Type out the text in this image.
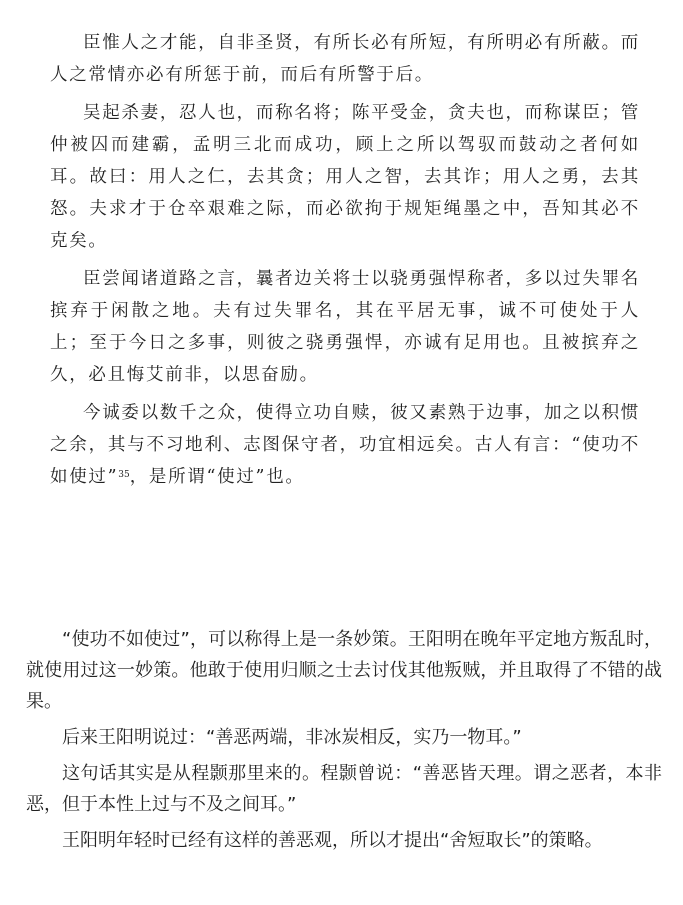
臣惟人之才能，自非圣贤，有所长必有所短，有所明必有所蔽。而人之常情亦必有所惩于前，而后有所警于后。

吴起杀妻，忍人也，而称名将；陈平受金，贪夫也，而称谋臣；管仲被囚而建霸，孟明三北而成功，顾上之所以驾驭而鼓动之者何如耳。故曰：用人之仁，去其贪；用人之智，去其诈；用人之勇，去其怒。夫求才于仓卒艰难之际，而必欲拘于规矩绳墨之中，吾知其必不克矣。

臣尝闻诸道路之言，曩者边关将士以骁勇强悍称者，多以过失罪名摈弃于闲散之地。夫有过失罪名，其在平居无事，诚不可使处于人上；至于今日之多事，则彼之骁勇强悍，亦诚有足用也。且被摈弃之久，必且悔艾前非，以思奋励。

今诚委以数千之众，使得立功自赎，彼又素熟于边事，加之以积惯之余，其与不习地利、志图保守者，功宜相远矣。古人有言：“使功不如使过”$^{35}$，是所谓“使过”也。

“使功不如使过”，可以称得上是一条妙策。王阳明在晚年平定地方叛乱时，就使用过这一妙策。他敢于使用归顺之士去讨伐其他叛贼，并且取得了不错的战果。

后来王阳明说过：“善恶两端，非冰炭相反，实乃一物耳。”

这句话其实是从程颢那里来的。程颢曾说：“善恶皆天理。谓之恶者，本非恶，但于本性上过与不及之间耳。”

王阳明年轻时已经有这样的善恶观，所以才提出“舍短取长”的策略。
